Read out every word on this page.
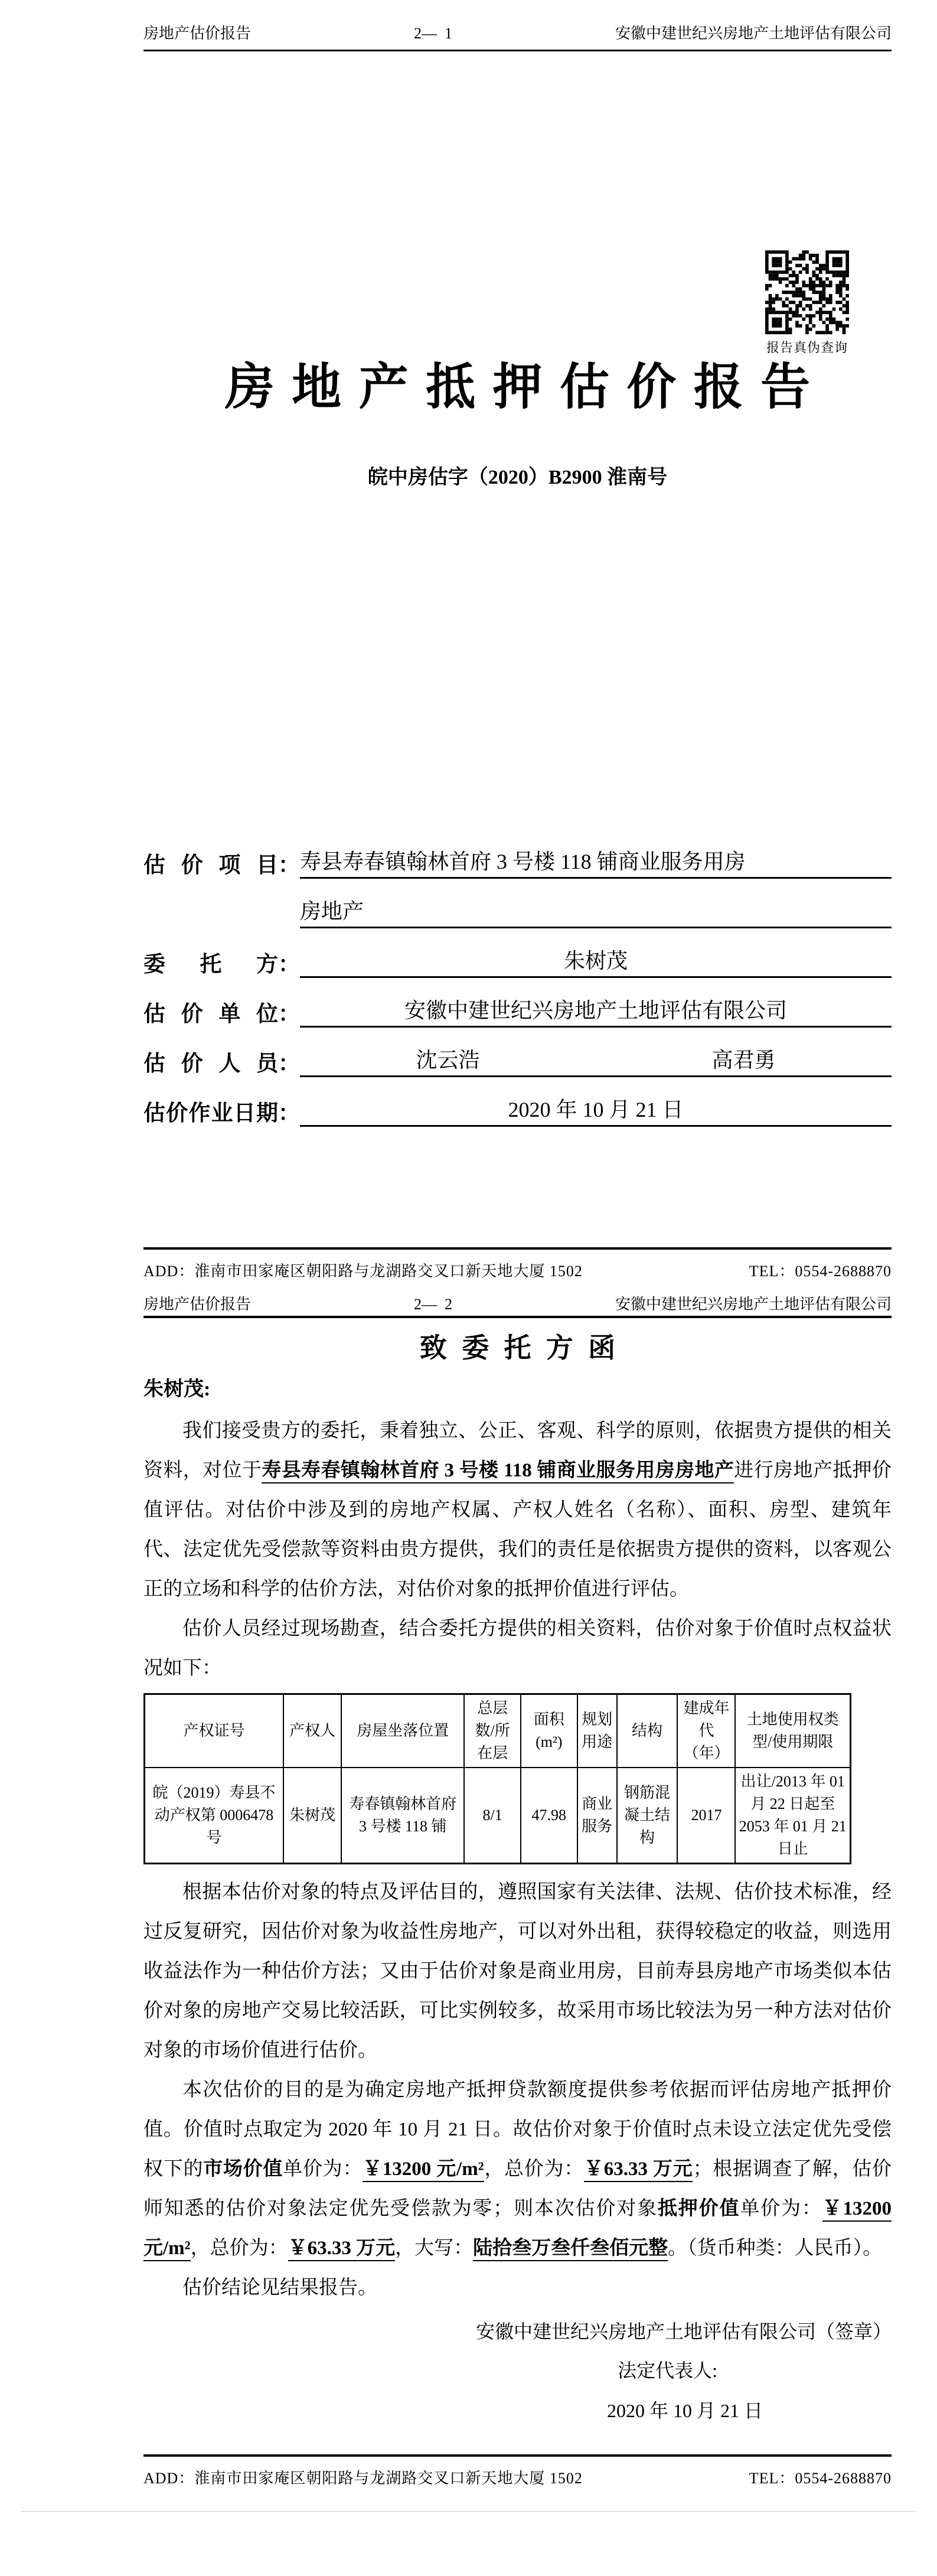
房地产估价报告	2—  1	安徽中建世纪兴房地产土地评估有限公司
报告真伪查询
房地产抵押估价报告
皖中房估字（2020）B2900 淮南号
估价项目 ： 寿县寿春镇翰林首府 3 号楼 118 铺商业服务用房
房地产
委托方 ：	朱树茂
估价单位 ：	安徽中建世纪兴房地产土地评估有限公司
估价人员 ：	沈云浩	高君勇
估价作业日期 ：	2020 年 10 月 21 日
ADD：淮南市田家庵区朝阳路与龙湖路交叉口新天地大厦 1502	TEL：0554-2688870
房地产估价报告	2—  2	安徽中建世纪兴房地产土地评估有限公司
致委托方函
朱树茂:

我们接受贵方的委托，秉着独立、公正、客观、科学的原则，依据贵方提供的相关资料，对位于寿县寿春镇翰林首府 3 号楼 118 铺商业服务用房房地产进行房地产抵押价值评估。对估价中涉及到的房地产权属、产权人姓名（名称）、面积、房型、建筑年代、法定优先受偿款等资料由贵方提供，我们的责任是依据贵方提供的资料，以客观公正的立场和科学的估价方法，对估价对象的抵押价值进行评估。

估价人员经过现场勘查，结合委托方提供的相关资料，估价对象于价值时点权益状况如下：

产权证号	产权人	房屋坐落位置	总层数/所在层	面积(m²)	规划用途	结构	建成年代（年）	土地使用权类型/使用期限
皖（2019）寿县不动产权第 0006478 号	朱树茂	寿春镇翰林首府 3 号楼 118 铺	8/1	47.98	商业服务	钢筋混凝土结构	2017	出让/2013 年 01 月 22 日起至 2053 年 01 月 21 日止

根据本估价对象的特点及评估目的，遵照国家有关法律、法规、估价技术标准，经过反复研究，因估价对象为收益性房地产，可以对外出租，获得较稳定的收益，则选用收益法作为一种估价方法；又由于估价对象是商业用房，目前寿县房地产市场类似本估价对象的房地产交易比较活跃，可比实例较多，故采用市场比较法为另一种方法对估价对象的市场价值进行估价。

本次估价的目的是为确定房地产抵押贷款额度提供参考依据而评估房地产抵押价值。价值时点取定为 2020 年 10 月 21 日。故估价对象于价值时点未设立法定优先受偿权下的市场价值单价为：￥13200 元/m²，总价为：￥63.33 万元；根据调查了解，估价师知悉的估价对象法定优先受偿款为零；则本次估价对象抵押价值单价为：￥13200 元/m²，总价为：￥63.33 万元，大写：陆拾叁万叁仟叁佰元整。（货币种类：人民币）。

估价结论见结果报告。

安徽中建世纪兴房地产土地评估有限公司（签章）
法定代表人:
2020 年 10 月 21 日
ADD：淮南市田家庵区朝阳路与龙湖路交叉口新天地大厦 1502	TEL：0554-2688870
